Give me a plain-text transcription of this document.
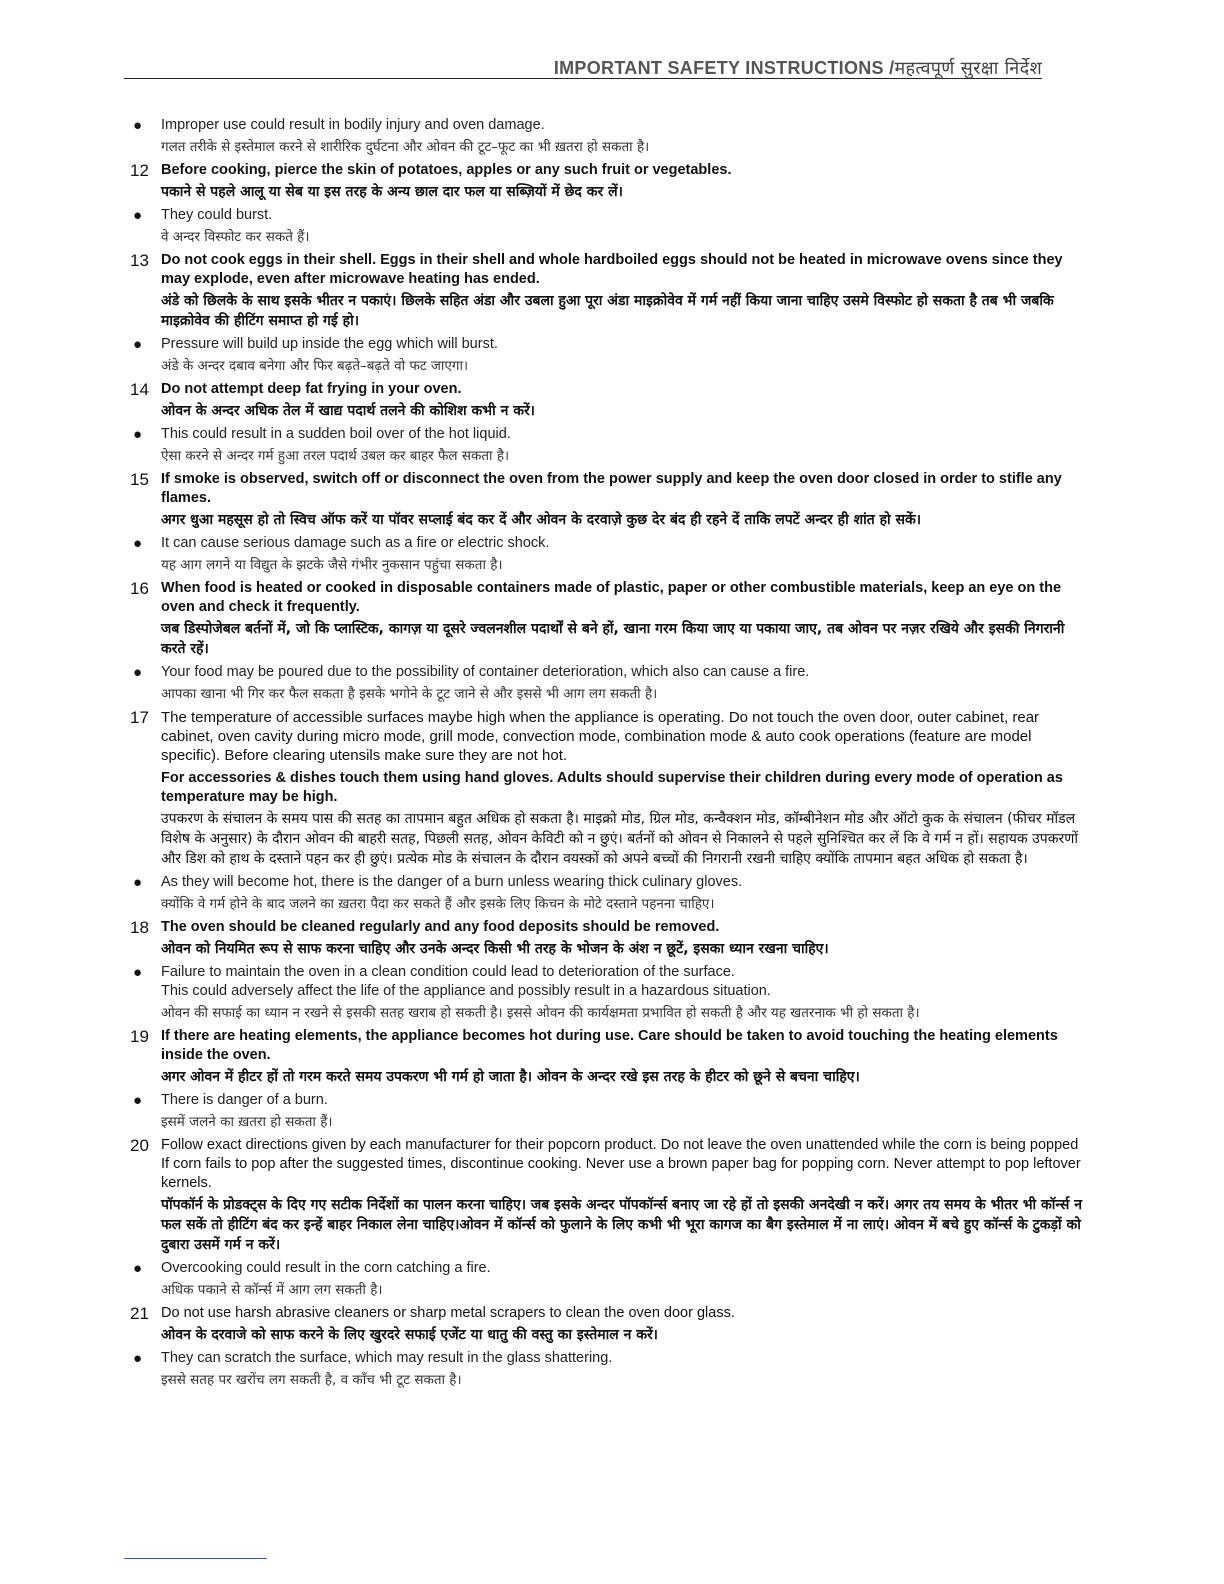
IMPORTANT SAFETY INSTRUCTIONS /महत्वपूर्ण सुरक्षा निर्देश
●	Improper use could result in bodily injury and oven damage.
गलत तरीके से इस्तेमाल करने से शारीरिक दुर्घटना और ओवन की टूट–फूट का भी ख़तरा हो सकता है।
12 Before cooking, pierce the skin of potatoes, apples or any such fruit or vegetables.
पकाने से पहले आलू या सेब या इस तरह के अन्य छाल दार फल या सब्ज़ियों में छेद कर लें।
●	They could burst.
वे अन्दर विस्फोट कर सकते हैं।
13 Do not cook eggs in their shell. Eggs in their shell and whole hardboiled eggs should not be heated in microwave ovens since they may explode, even after microwave heating has ended.
अंडे को छिलके के साथ इसके भीतर न पकाएं। छिलके सहित अंडा और उबला हुआ पूरा अंडा माइक्रोवेव में गर्म नहीं किया जाना चाहिए उसमे विस्फोट हो सकता है तब भी जबकि माइक्रोवेव की हीटिंग समाप्त हो गई हो।
●	Pressure will build up inside the egg which will burst.
अंडे के अन्दर दबाव बनेगा और फिर बढ़ते–बढ़ते वो फट जाएगा।
14 Do not attempt deep fat frying in your oven.
ओवन के अन्दर अधिक तेल में खाद्य पदार्थ तलने की कोशिश कभी न करें।
●	This could result in a sudden boil over of the hot liquid.
ऐसा करने से अन्दर गर्म हुआ तरल पदार्थ उबल कर बाहर फैल सकता है।
15 If smoke is observed, switch off or disconnect the oven from the power supply and keep the oven door closed in order to stifle any flames.
अगर धुआ महसूस हो तो स्विच ऑफ करें या पॉवर सप्लाई बंद कर दें और ओवन के दरवाज़े कुछ देर बंद ही रहने दें ताकि लपटें अन्दर ही शांत हो सकें।
●	It can cause serious damage such as a fire or electric shock.
यह आग लगने या विद्युत के झटके जैसे गंभीर नुकसान पहुंचा सकता है।
16 When food is heated or cooked in disposable containers made of plastic, paper or other combustible materials, keep an eye on the oven and check it frequently.
जब डिस्पोजेबल बर्तनों में, जो कि प्लास्टिक, कागज़ या दूसरे ज्वलनशील पदार्थों से बने हों, खाना गरम किया जाए या पकाया जाए, तब ओवन पर नज़र रखिये और इसकी निगरानी करते रहें।
●	Your food may be poured due to the possibility of container deterioration, which also can cause a fire.
आपका खाना भी गिर कर फैल सकता है इसके भगोने के टूट जाने से और इससे भी आग लग सकती है।
17 The temperature of accessible surfaces maybe high when the appliance is operating. Do not touch the oven door, outer cabinet, rear cabinet, oven cavity during micro mode, grill mode, convection mode, combination mode & auto cook operations (feature are model specific). Before clearing utensils make sure they are not hot.
For accessories & dishes touch them using hand gloves. Adults should supervise their children during every mode of operation as temperature may be high.
उपकरण के संचालन के समय पास की सतह का तापमान बहुत अधिक हो सकता है। माइक्रो मोड, ग्रिल मोड, कन्वैक्शन मोड, कॉम्बीनेशन मोड और ऑटो कुक के संचालन (फीचर मॉडल विशेष के अनुसार) के दौरान ओवन की बाहरी सतह, पिछली सतह, ओवन केविटी को न छुएं। बर्तनों को ओवन से निकालने से पहले सुनिश्चित कर लें कि वे गर्म न हों। सहायक उपकरणों और डिश को हाथ के दस्ताने पहन कर ही छुएं। प्रत्येक मोड के संचालन के दौरान वयस्कों को अपने बच्चों की निगरानी रखनी चाहिए क्योंकि तापमान बहत अधिक हो सकता है।
●	As they will become hot, there is the danger of a burn unless wearing thick culinary gloves.
क्योंकि वे गर्म होने के बाद जलने का ख़तरा पैदा कर सकते हैं और इसके लिए किचन के मोटे दस्ताने पहनना चाहिए।
18 The oven should be cleaned regularly and any food deposits should be removed.
ओवन को नियमित रूप से साफ करना चाहिए और उनके अन्दर किसी भी तरह के भोजन के अंश न छूटें, इसका ध्यान रखना चाहिए।
●	Failure to maintain the oven in a clean condition could lead to deterioration of the surface.
This could adversely affect the life of the appliance and possibly result in a hazardous situation.
ओवन की सफाई का ध्यान न रखने से इसकी सतह खराब हो सकती है। इससे ओवन की कार्यक्षमता प्रभावित हो सकती है और यह खतरनाक भी हो सकता है।
19 If there are heating elements, the appliance becomes hot during use. Care should be taken to avoid touching the heating elements inside the oven.
अगर ओवन में हीटर हों तो गरम करते समय उपकरण भी गर्म हो जाता है। ओवन के अन्दर रखे इस तरह के हीटर को छूने से बचना चाहिए।
●	There is danger of a burn.
इसमें जलने का ख़तरा हो सकता हैं।
20 Follow exact directions given by each manufacturer for their popcorn product. Do not leave the oven unattended while the corn is being popped If corn fails to pop after the suggested times, discontinue cooking. Never use a brown paper bag for popping corn. Never attempt to pop leftover kernels.
पॉपकॉर्न के प्रोडक्ट्स के दिए गए सटीक निर्देशों का पालन करना चाहिए। जब इसके अन्दर पॉपकॉर्न्स बनाए जा रहे हों तो इसकी अनदेखी न करें। अगर तय समय के भीतर भी कॉर्न्स न फल सकें तो हीटिंग बंद कर इन्हें बाहर निकाल लेना चाहिए।ओवन में कॉर्न्स को फुलाने के लिए कभी भी भूरा कागज का बैग इस्तेमाल में ना लाएं। ओवन में बचे हुए कॉर्न्स के टुकड़ों को दुबारा उसमें गर्म न करें।
●	Overcooking could result in the corn catching a fire.
अधिक पकाने से कॉर्न्स में आग लग सकती है।
21 Do not use harsh abrasive cleaners or sharp metal scrapers to clean the oven door glass.
ओवन के दरवाजे को साफ करने के लिए खुरदरे सफाई एजेंट या धातु की वस्तु का इस्तेमाल न करें।
●	They can scratch the surface, which may result in the glass shattering.
इससे सतह पर खरोंच लग सकती है, व काँच भी टूट सकता है।
